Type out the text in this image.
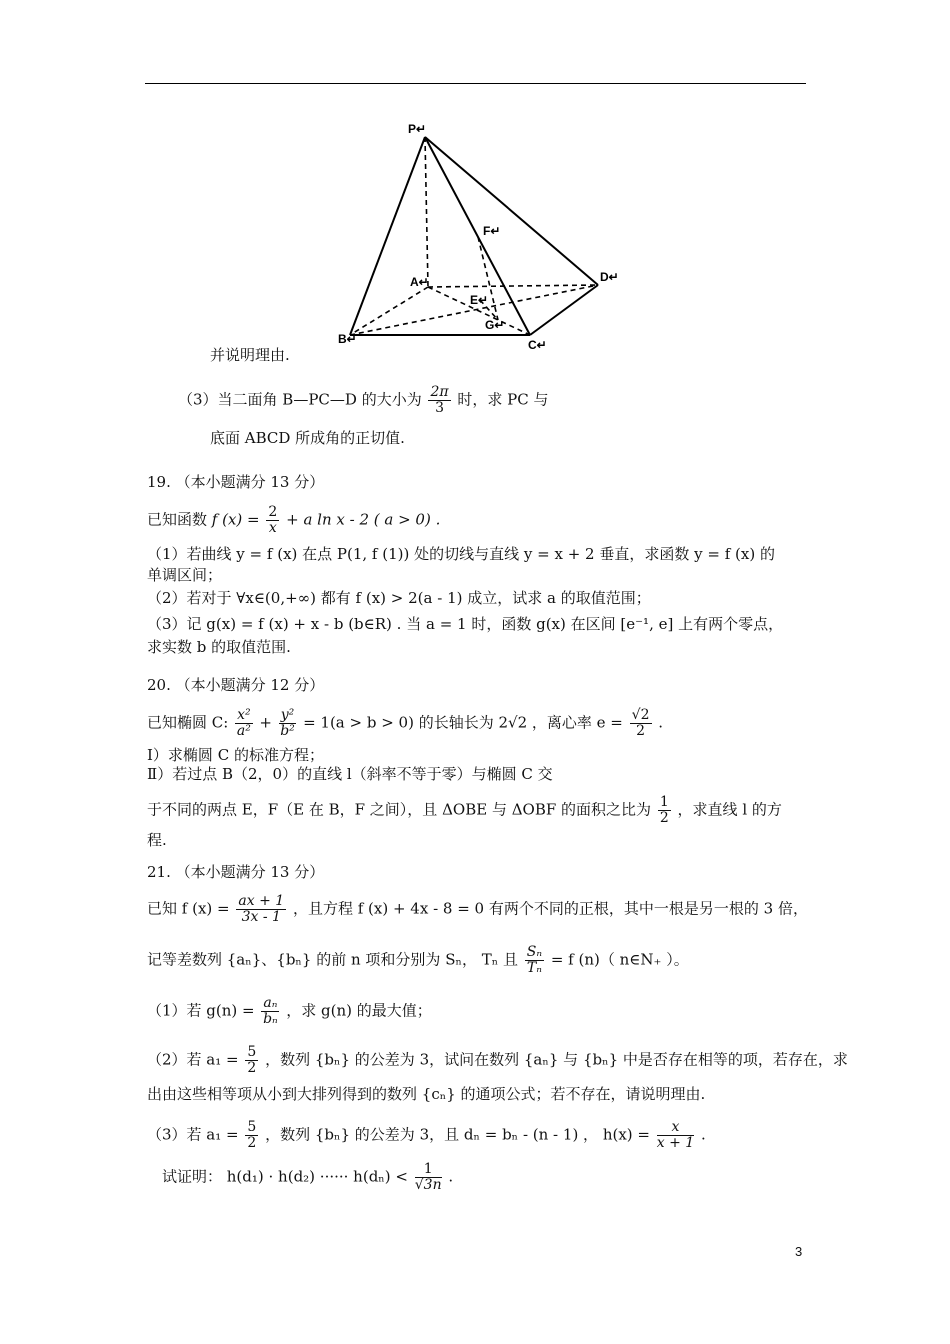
P↵
F↵
A↵	D↵
E↵
G↵
B↵	C↵
并说明理由.
（3）当二面角 B—PC—D 的大小为 $\frac{2\pi}{3}$ 时，求 PC 与
底面 ABCD 所成角的正切值.
19. （本小题满分 13 分）
已知函数 f $(x) = \frac{2}{x} + a$ ln x - 2 ( a > 0) .
（1）若曲线 y = f (x) 在点 P(1, f (1)) 处的切线与直线 y = x + 2 垂直，求函数 y = f (x) 的
单调区间；
（2）若对于 ∀x∈(0,+∞) 都有 f (x) > 2(a - 1) 成立，试求 a 的取值范围；
（3）记 g(x) = f (x) + x - b (b∈R) . 当 a = 1 时，函数 g(x) 在区间 [e⁻¹, e] 上有两个零点，
求实数 b 的取值范围.
20. （本小题满分 12 分）
已知椭圆 C: $\frac{\text{x²}}{\text{a²}} + \frac{\text{y²}}{\text{b²}} = 1(a > b > 0)$ 的长轴长为 2√2 ，离心率 $e = \frac{√2}{2}$ .
Ⅰ）求椭圆 C 的标准方程；
Ⅱ）若过点 B（2，0）的直线 l（斜率不等于零）与椭圆 C 交
于不同的两点 E，F（E 在 B，F 之间），且 ΔOBE 与 ΔOBF 的面积之比为 $\frac{1}{2}$ ，求直线 l 的方
程.
21. （本小题满分 13 分）
已知 f $(x) = \frac{ax + 1}{3x - 1}$ ，且方程 f (x) + 4x - 8 = 0 有两个不同的正根，其中一根是另一根的 3 倍，
记等差数列 {aₙ}、{bₙ} 的前 n 项和分别为 Sₙ， Tₙ 且 $\frac{\text{Sₙ}}{\text{Tₙ}} = f$ (n)（ n∈N₊ ）。
（1）若 $g(n) = \frac{\text{aₙ}}{\text{bₙ}}$ ，求 g(n) 的最大值；
（2）若 $a_1 = \frac{5}{2}$ ，数列 {bₙ} 的公差为 3，试问在数列 {aₙ} 与 {bₙ} 中是否存在相等的项，若存在，求
出由这些相等项从小到大排列得到的数列 {cₙ} 的通项公式；若不存在，请说明理由.
（3）若 $a_1 = \frac{5}{2}$ ，数列 {bₙ} 的公差为 3，且 dₙ = bₙ - (n - 1) ， $h(x) = \frac{x}{x + 1}$ .
试证明： h(d₁) · h(d₂) ······ $h(d_n) < \frac{1}{√3n}$ .
3
